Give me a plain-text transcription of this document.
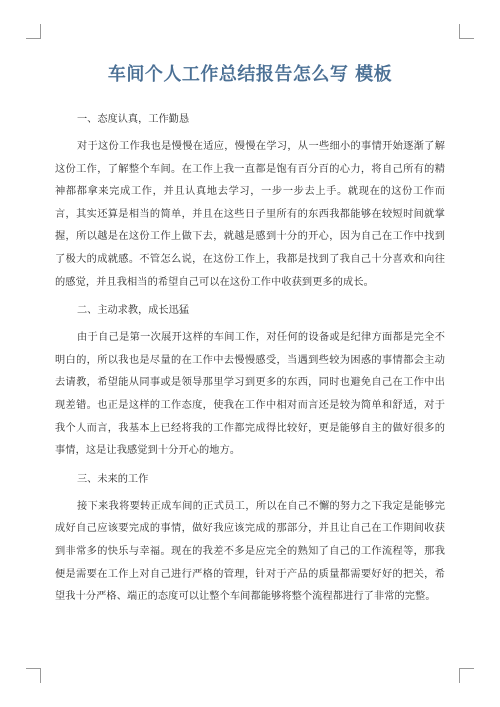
车间个人工作总结报告怎么写 模板
一、态度认真，工作勤恳

对于这份工作我也是慢慢在适应，慢慢在学习，从一些细小的事情开始逐渐了解这份工作，了解整个车间。在工作上我一直都是饱有百分百的心力，将自己所有的精神都都拿来完成工作，并且认真地去学习，一步一步去上手。就现在的这份工作而言，其实还算是相当的简单，并且在这些日子里所有的东西我都能够在较短时间就掌握，所以越是在这份工作上做下去，就越是感到十分的开心，因为自己在工作中找到了极大的成就感。不管怎么说，在这份工作上，我都是找到了我自己十分喜欢和向往的感觉，并且我相当的希望自己可以在这份工作中收获到更多的成长。

二、主动求教，成长迅猛

由于自己是第一次展开这样的车间工作，对任何的设备或是纪律方面都是完全不明白的，所以我也是尽量的在工作中去慢慢感受，当遇到些较为困惑的事情都会主动去请教，希望能从同事或是领导那里学习到更多的东西，同时也避免自己在工作中出现差错。也正是这样的工作态度，使我在工作中相对而言还是较为简单和舒适，对于我个人而言，我基本上已经将我的工作都完成得比较好，更是能够自主的做好很多的事情，这是让我感觉到十分开心的地方。

三、未来的工作

接下来我将要转正成车间的正式员工，所以在自己不懈的努力之下我定是能够完成好自己应该要完成的事情，做好我应该完成的那部分，并且让自己在工作期间收获到非常多的快乐与幸福。现在的我差不多是应完全的熟知了自己的工作流程等，那我便是需要在工作上对自己进行严格的管理，针对于产品的质量都需要好好的把关，希望我十分严格、端正的态度可以让整个车间都能够将整个流程都进行了非常的完整。
